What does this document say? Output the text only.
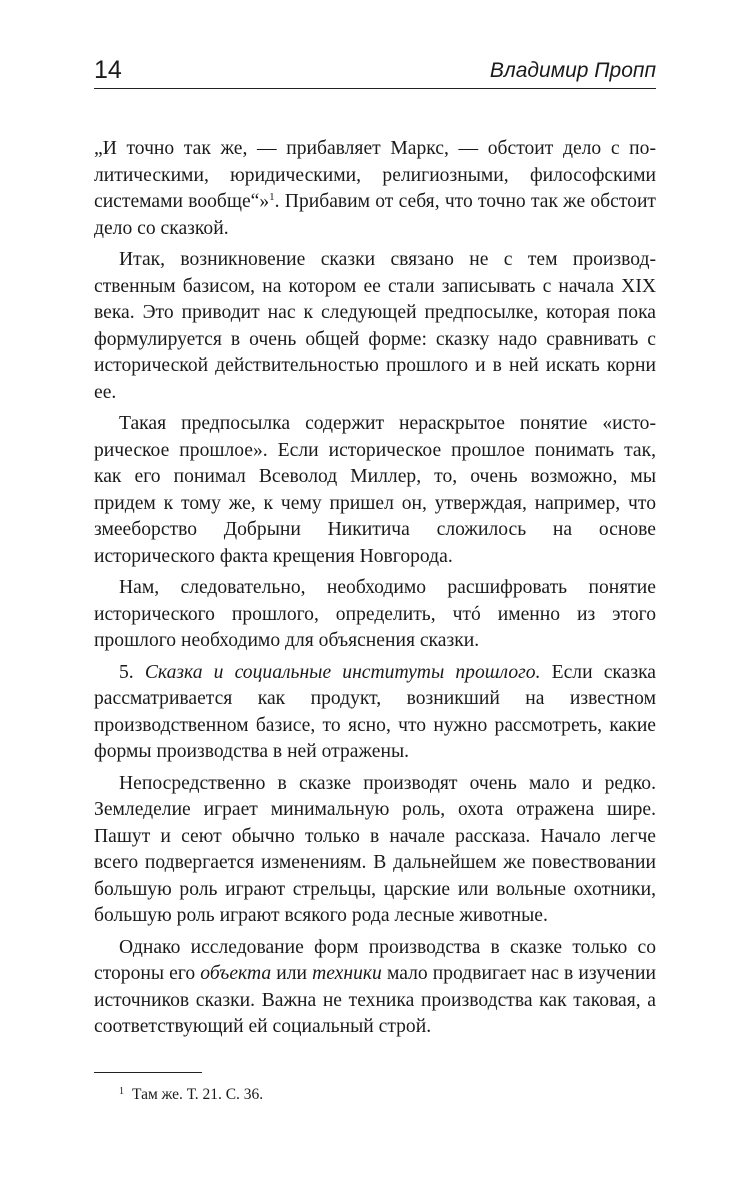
14	Владимир Пропп

„И точно так же, — прибавляет Маркс, — обстоит дело с политическими, юридическими, религиозными, философскими системами вообще“»$^1$. Прибавим от себя, что точно так же обстоит дело со сказкой.

Итак, возникновение сказки связано не с тем производственным базисом, на котором ее стали записывать с начала XIX века. Это приводит нас к следующей предпосылке, которая пока формулируется в очень общей форме: сказку надо сравнивать с исторической действительностью прошлого и в ней искать корни ее.

Такая предпосылка содержит нераскрытое понятие «историческое прошлое». Если историческое прошлое понимать так, как его понимал Всеволод Миллер, то, очень возможно, мы придем к тому же, к чему пришел он, утверждая, например, что змееборство Добрыни Никитича сложилось на основе исторического факта крещения Новгорода.

Нам, следовательно, необходимо расшифровать понятие исторического прошлого, определить, чтó именно из этого прошлого необходимо для объяснения сказки.

5. Сказка и социальные институты прошлого. Если сказка рассматривается как продукт, возникший на известном производственном базисе, то ясно, что нужно рассмотреть, какие формы производства в ней отражены.

Непосредственно в сказке производят очень мало и редко. Земледелие играет минимальную роль, охота отражена шире. Пашут и сеют обычно только в начале рассказа. Начало легче всего подвергается изменениям. В дальнейшем же повествовании большую роль играют стрельцы, царские или вольные охотники, большую роль играют всякого рода лесные животные.

Однако исследование форм производства в сказке только со стороны его объекта или техники мало продвигает нас в изучении источников сказки. Важна не техника производства как таковая, а соответствующий ей социальный строй.

$^1$ Там же. Т. 21. С. 36.
